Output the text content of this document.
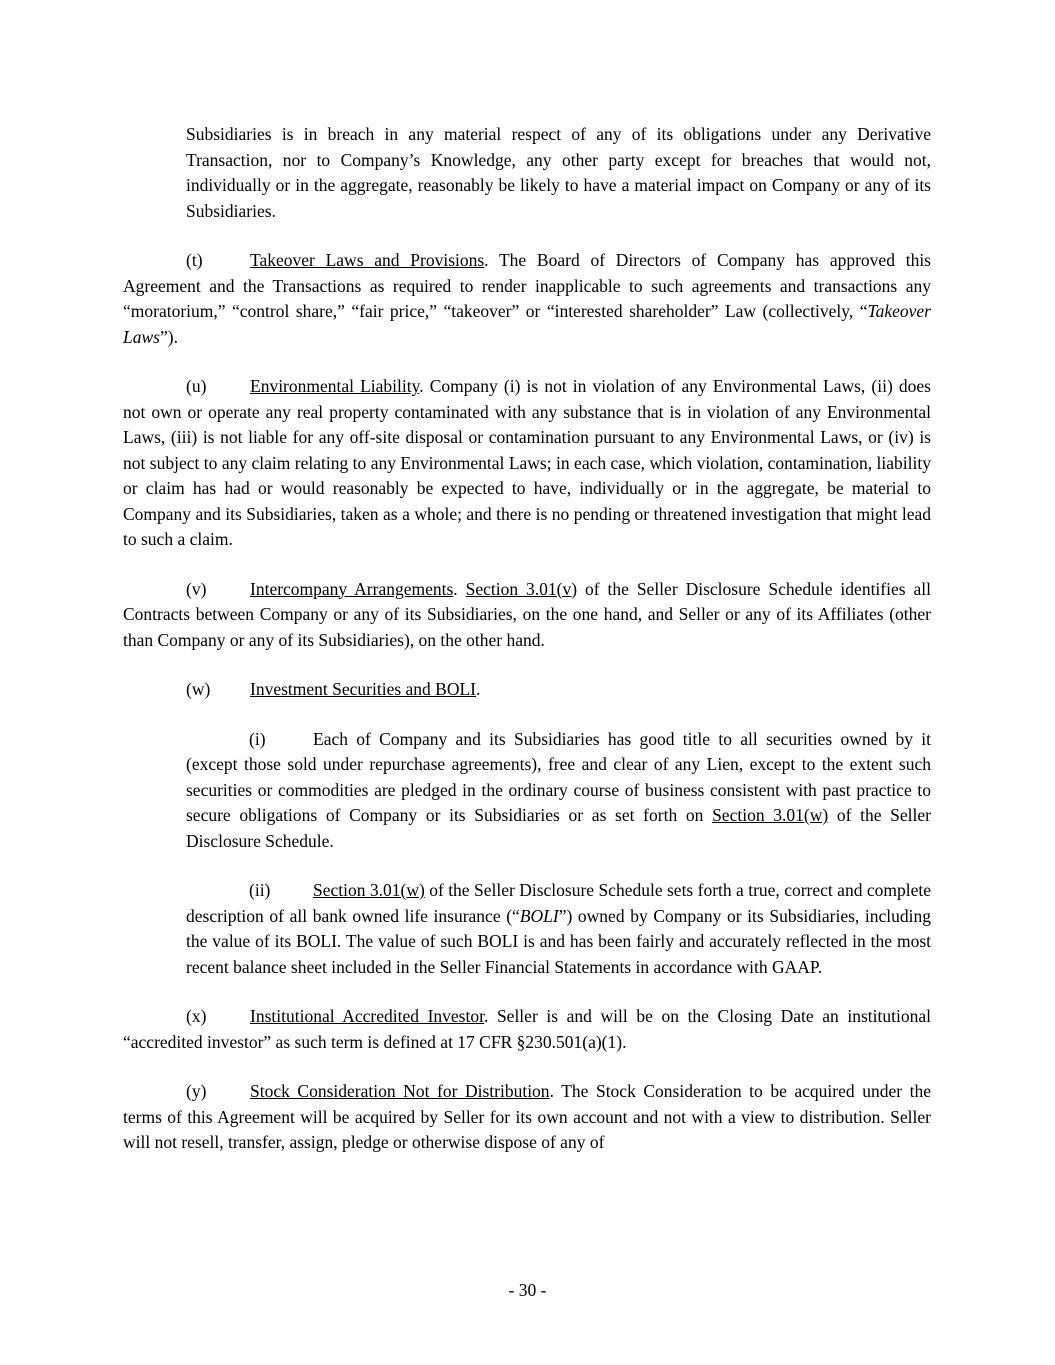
Subsidiaries is in breach in any material respect of any of its obligations under any Derivative Transaction, nor to Company’s Knowledge, any other party except for breaches that would not, individually or in the aggregate, reasonably be likely to have a material impact on Company or any of its Subsidiaries.

(t)	Takeover Laws and Provisions. The Board of Directors of Company has approved this Agreement and the Transactions as required to render inapplicable to such agreements and transactions any “moratorium,” “control share,” “fair price,” “takeover” or “interested shareholder” Law (collectively, “Takeover Laws”).

(u) Environmental Liability. Company (i) is not in violation of any Environmental Laws, (ii) does not own or operate any real property contaminated with any substance that is in violation of any Environmental Laws, (iii) is not liable for any off-site disposal or contamination pursuant to any Environmental Laws, or (iv) is not subject to any claim relating to any Environmental Laws; in each case, which violation, contamination, liability or claim has had or would reasonably be expected to have, individually or in the aggregate, be material to Company and its Subsidiaries, taken as a whole; and there is no pending or threatened investigation that might lead to such a claim.

(v) Intercompany Arrangements. Section 3.01(v) of the Seller Disclosure Schedule identifies all Contracts between Company or any of its Subsidiaries, on the one hand, and Seller or any of its Affiliates (other than Company or any of its Subsidiaries), on the other hand.

(w) Investment Securities and BOLI.

(i)	Each of Company and its Subsidiaries has good title to all securities owned by it (except those sold under repurchase agreements), free and clear of any Lien, except to the extent such securities or commodities are pledged in the ordinary course of business consistent with past practice to secure obligations of Company or its Subsidiaries or as set forth on Section 3.01(w) of the Seller Disclosure Schedule.

(ii) Section 3.01(w) of the Seller Disclosure Schedule sets forth a true, correct and complete description of all bank owned life insurance (“BOLI”) owned by Company or its Subsidiaries, including the value of its BOLI. The value of such BOLI is and has been fairly and accurately reflected in the most recent balance sheet included in the Seller Financial Statements in accordance with GAAP.

(x) Institutional Accredited Investor. Seller is and will be on the Closing Date an institutional “accredited investor” as such term is defined at 17 CFR §230.501(a)(1).

(y) Stock Consideration Not for Distribution. The Stock Consideration to be acquired under the terms of this Agreement will be acquired by Seller for its own account and not with a view to distribution. Seller will not resell, transfer, assign, pledge or otherwise dispose of any of

- 30 -
